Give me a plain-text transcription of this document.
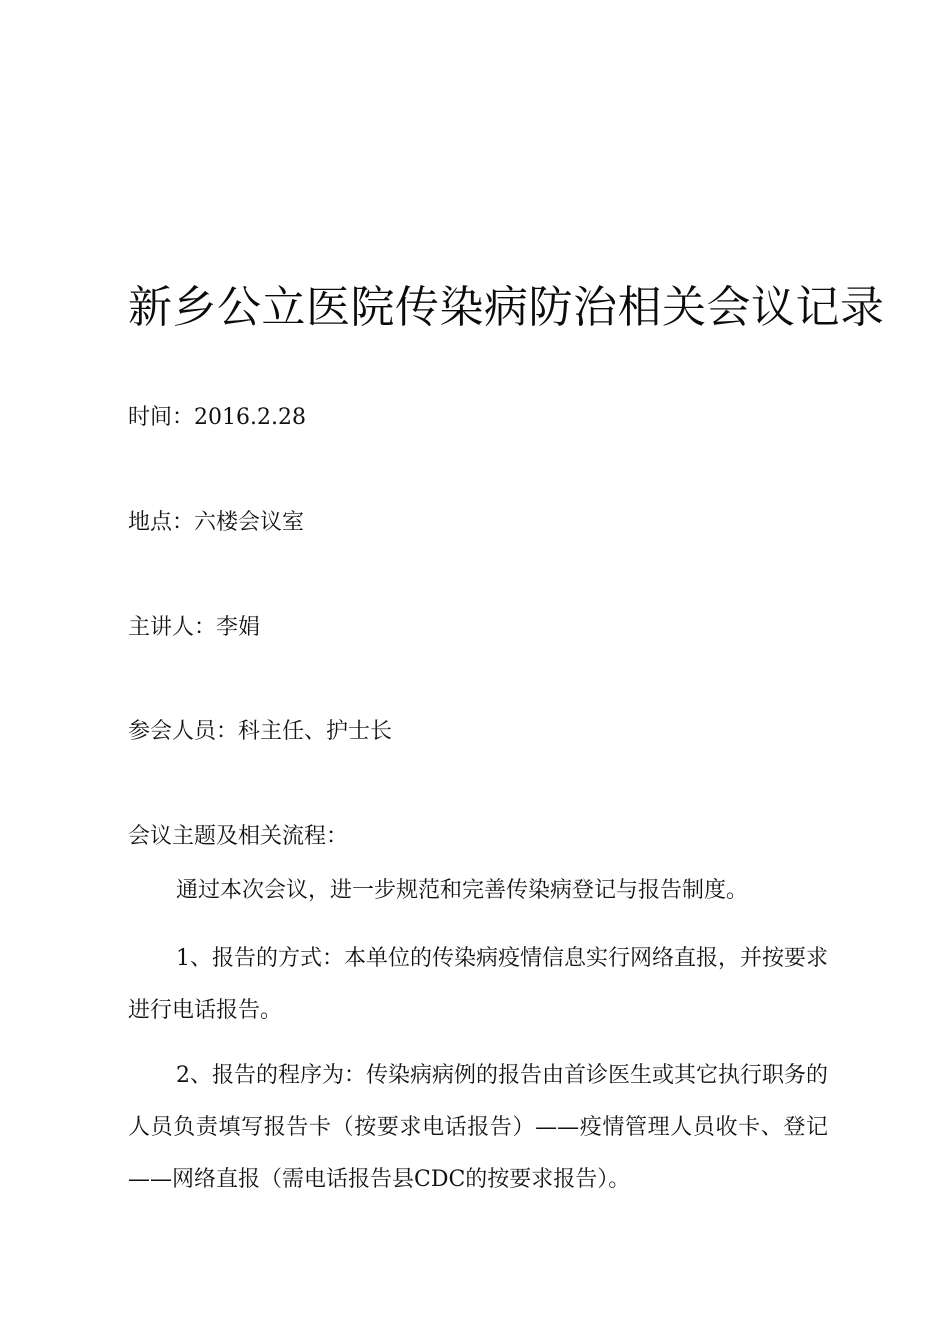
新乡公立医院传染病防治相关会议记录
时间：2016.2.28
地点：六楼会议室
主讲人：李娟
参会人员：科主任、护士长
会议主题及相关流程：

通过本次会议，进一步规范和完善传染病登记与报告制度。

1、报告的方式：本单位的传染病疫情信息实行网络直报，并按要求进行电话报告。

2、报告的程序为：传染病病例的报告由首诊医生或其它执行职务的人员负责填写报告卡（按要求电话报告）——疫情管理人员收卡、登记——网络直报（需电话报告县CDC的按要求报告）。
